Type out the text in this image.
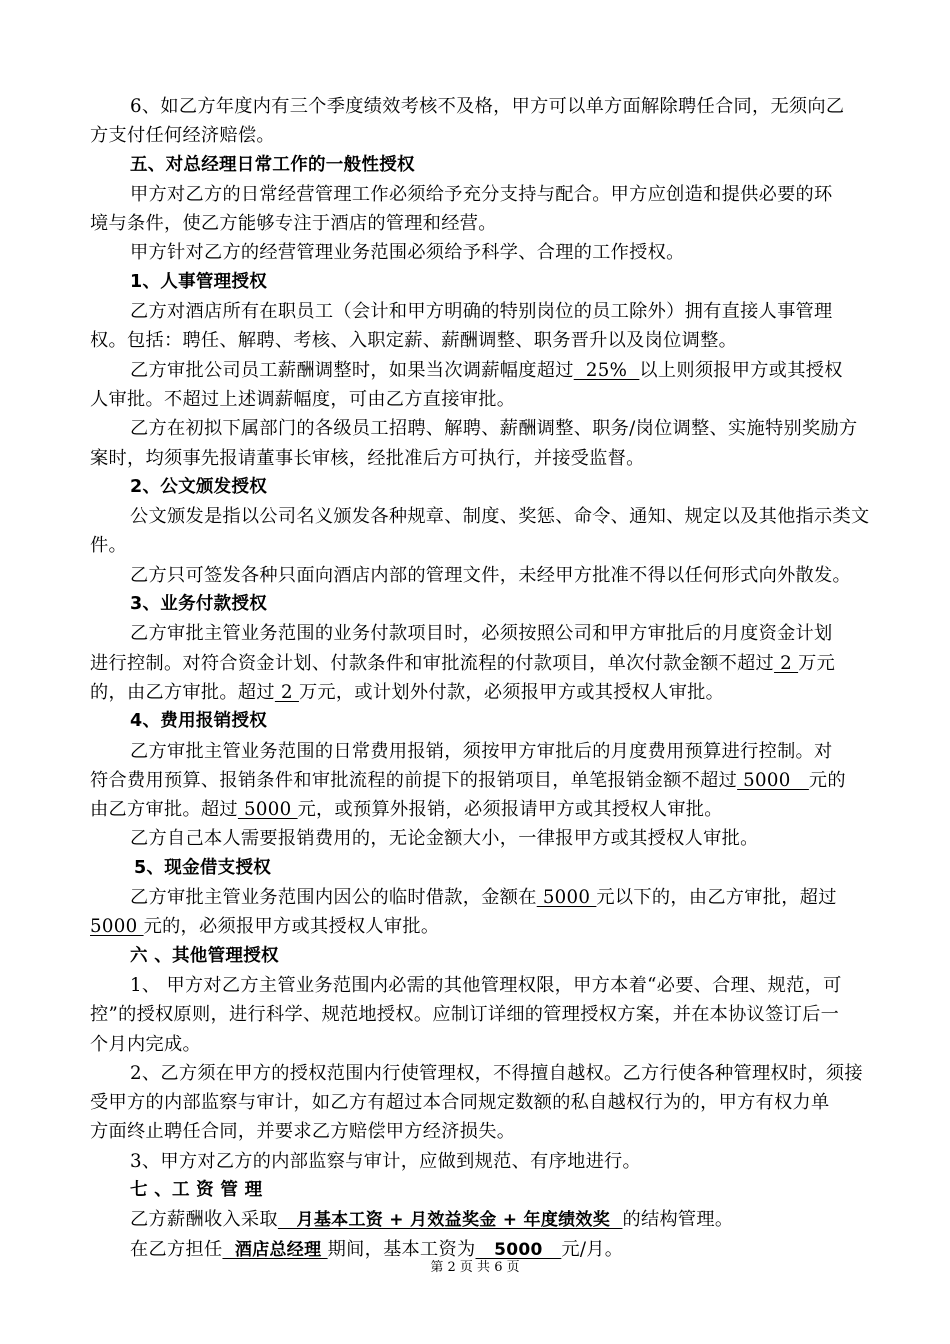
6、如乙方年度内有三个季度绩效考核不及格，甲方可以单方面解除聘任合同，无须向乙
方支付任何经济赔偿。
五、对总经理日常工作的一般性授权
甲方对乙方的日常经营管理工作必须给予充分支持与配合。甲方应创造和提供必要的环
境与条件，使乙方能够专注于酒店的管理和经营。
甲方针对乙方的经营管理业务范围必须给予科学、合理的工作授权。
1、人事管理授权
乙方对酒店所有在职员工（会计和甲方明确的特别岗位的员工除外）拥有直接人事管理
权。包括：聘任、解聘、考核、入职定薪、薪酬调整、职务晋升以及岗位调整。
乙方审批公司员工薪酬调整时，如果当次调薪幅度超过  25%  以上则须报甲方或其授权
人审批。不超过上述调薪幅度，可由乙方直接审批。
乙方在初拟下属部门的各级员工招聘、解聘、薪酬调整、职务/岗位调整、实施特别奖励方
案时，均须事先报请董事长审核，经批准后方可执行，并接受监督。
2、公文颁发授权
公文颁发是指以公司名义颁发各种规章、制度、奖惩、命令、通知、规定以及其他指示类文
件。
乙方只可签发各种只面向酒店内部的管理文件，未经甲方批准不得以任何形式向外散发。
3、业务付款授权
乙方审批主管业务范围的业务付款项目时，必须按照公司和甲方审批后的月度资金计划
进行控制。对符合资金计划、付款条件和审批流程的付款项目，单次付款金额不超过 2 万元
的，由乙方审批。超过 2 万元，或计划外付款，必须报甲方或其授权人审批。
4、费用报销授权
乙方审批主管业务范围的日常费用报销，须按甲方审批后的月度费用预算进行控制。对
符合费用预算、报销条件和审批流程的前提下的报销项目，单笔报销金额不超过 5000   元的
由乙方审批。超过 5000 元，或预算外报销，必须报请甲方或其授权人审批。
乙方自己本人需要报销费用的，无论金额大小，一律报甲方或其授权人审批。
5、现金借支授权
乙方审批主管业务范围内因公的临时借款，金额在 5000 元以下的，由乙方审批，超过
5000 元的，必须报甲方或其授权人审批。
六 、其他管理授权
1、 甲方对乙方主管业务范围内必需的其他管理权限，甲方本着“必要、合理、规范，可
控”的授权原则，进行科学、规范地授权。应制订详细的管理授权方案，并在本协议签订后一
个月内完成。
2、乙方须在甲方的授权范围内行使管理权，不得擅自越权。乙方行使各种管理权时，须接
受甲方的内部监察与审计，如乙方有超过本合同规定数额的私自越权行为的，甲方有权力单
方面终止聘任合同，并要求乙方赔偿甲方经济损失。
3、甲方对乙方的内部监察与审计，应做到规范、有序地进行。
七 、工 资 管 理
乙方薪酬收入采取   月基本工资 + 月效益奖金 + 年度绩效奖  的结构管理。
在乙方担任  酒店总经理 期间，基本工资为   5000   元/月。
第 2 页 共 6 页
